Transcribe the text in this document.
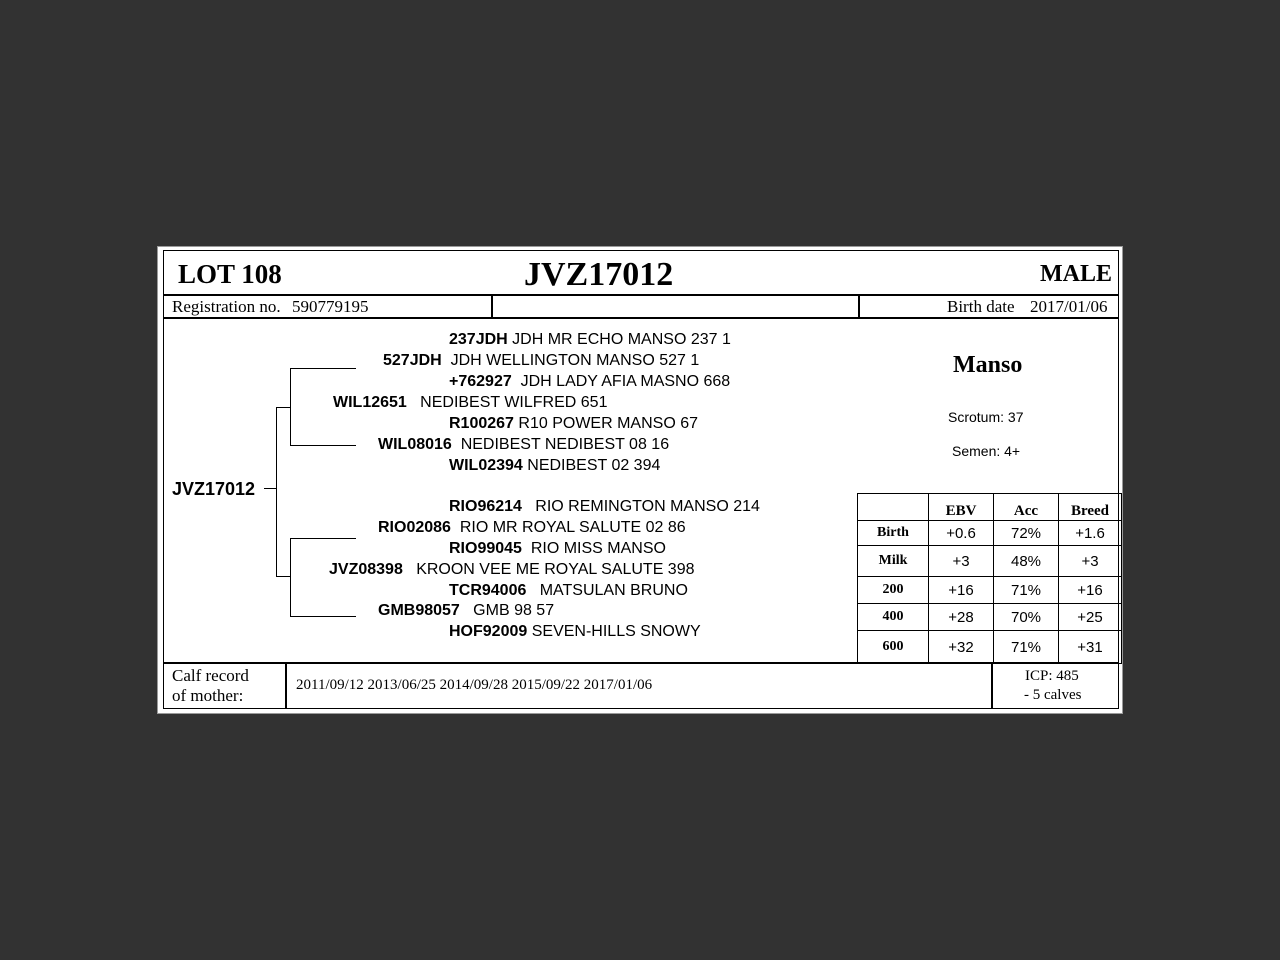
LOT 108	JVZ17012	MALE
Registration no. 590779195	Birth date 2017/01/06
JVZ17012
237JDH JDH MR ECHO MANSO 237 1
527JDH JDH WELLINGTON MANSO 527 1
+762927 JDH LADY AFIA MASNO 668
WIL12651 NEDIBEST WILFRED 651
R100267 R10 POWER MANSO 67
WIL08016 NEDIBEST NEDIBEST 08 16
WIL02394 NEDIBEST 02 394
RIO96214 RIO REMINGTON MANSO 214
RIO02086 RIO MR ROYAL SALUTE 02 86
RIO99045 RIO MISS MANSO
JVZ08398 KROON VEE ME ROYAL SALUTE 398
TCR94006 MATSULAN BRUNO
GMB98057 GMB 98 57
HOF92009 SEVEN-HILLS SNOWY
Manso
Scrotum: 37
Semen: 4+
	EBV	Acc	Breed
Birth	+0.6	72%	+1.6
Milk	+3	48%	+3
200	+16	71%	+16
400	+28	70%	+25
600	+32	71%	+31
Calf record
of mother:
2011/09/12 2013/06/25 2014/09/28 2015/09/22 2017/01/06
ICP: 485
- 5 calves
